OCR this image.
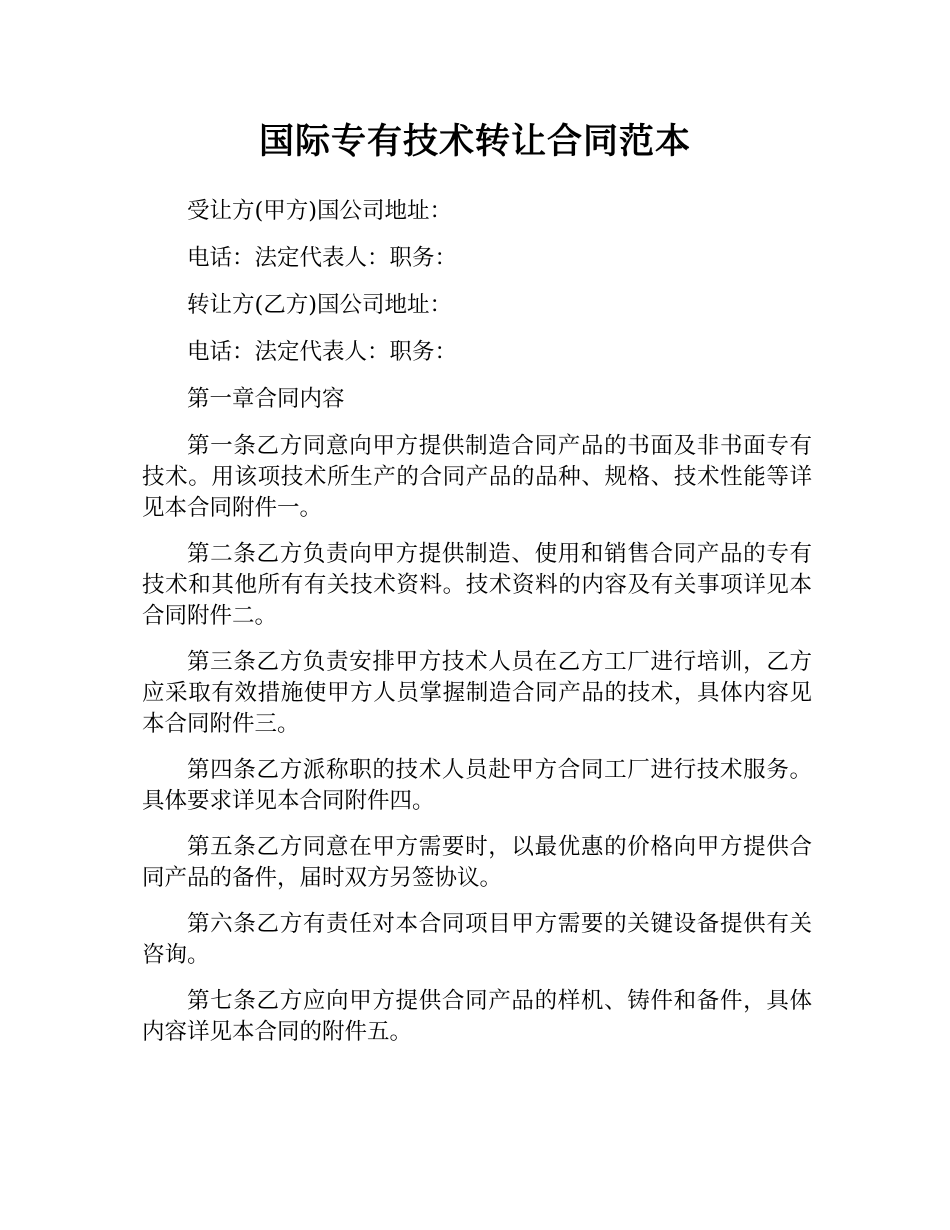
国际专有技术转让合同范本

受让方(甲方)国公司地址：

电话：法定代表人：职务：

转让方(乙方)国公司地址：

电话：法定代表人：职务：

第一章合同内容

第一条乙方同意向甲方提供制造合同产品的书面及非书面专有技术。用该项技术所生产的合同产品的品种、规格、技术性能等详见本合同附件一。

第二条乙方负责向甲方提供制造、使用和销售合同产品的专有技术和其他所有有关技术资料。技术资料的内容及有关事项详见本合同附件二。

第三条乙方负责安排甲方技术人员在乙方工厂进行培训，乙方应采取有效措施使甲方人员掌握制造合同产品的技术，具体内容见本合同附件三。

第四条乙方派称职的技术人员赴甲方合同工厂进行技术服务。具体要求详见本合同附件四。

第五条乙方同意在甲方需要时，以最优惠的价格向甲方提供合同产品的备件，届时双方另签协议。

第六条乙方有责任对本合同项目甲方需要的关键设备提供有关咨询。

第七条乙方应向甲方提供合同产品的样机、铸件和备件，具体内容详见本合同的附件五。
